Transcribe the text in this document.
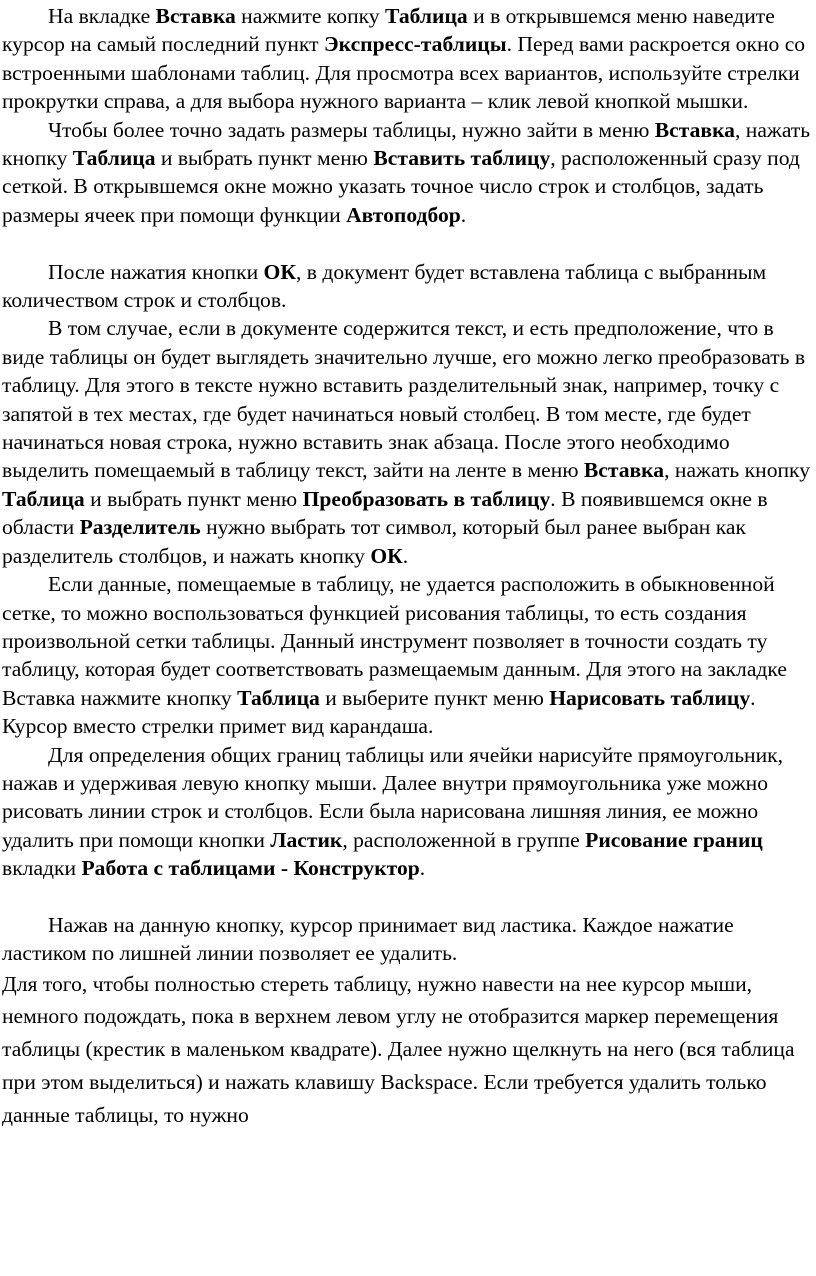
На вкладке Вставка нажмите копку Таблица и в открывшемся меню наведите курсор на самый последний пункт Экспресс-таблицы. Перед вами раскроется окно со встроенными шаблонами таблиц. Для просмотра всех вариантов, используйте стрелки прокрутки справа, а для выбора нужного варианта – клик левой кнопкой мышки.

Чтобы более точно задать размеры таблицы, нужно зайти в меню Вставка, нажать кнопку Таблица и выбрать пункт меню Вставить таблицу, расположенный сразу под сеткой. В открывшемся окне можно указать точное число строк и столбцов, задать размеры ячеек при помощи функции Автоподбор.

После нажатия кнопки ОК, в документ будет вставлена таблица с выбранным количеством строк и столбцов.

В том случае, если в документе содержится текст, и есть предположение, что в виде таблицы он будет выглядеть значительно лучше, его можно легко преобразовать в таблицу. Для этого в тексте нужно вставить разделительный знак, например, точку с запятой в тех местах, где будет начинаться новый столбец. В том месте, где будет начинаться новая строка, нужно вставить знак абзаца. После этого необходимо выделить помещаемый в таблицу текст, зайти на ленте в меню Вставка, нажать кнопку Таблица и выбрать пункт меню Преобразовать в таблицу. В появившемся окне в области Разделитель нужно выбрать тот символ, который был ранее выбран как разделитель столбцов, и нажать кнопку ОК.

Если данные, помещаемые в таблицу, не удается расположить в обыкновенной сетке, то можно воспользоваться функцией рисования таблицы, то есть создания произвольной сетки таблицы. Данный инструмент позволяет в точности создать ту таблицу, которая будет соответствовать размещаемым данным. Для этого на закладке Вставка нажмите кнопку Таблица и выберите пункт меню Нарисовать таблицу. Курсор вместо стрелки примет вид карандаша.

Для определения общих границ таблицы или ячейки нарисуйте прямоугольник, нажав и удерживая левую кнопку мыши. Далее внутри прямоугольника уже можно рисовать линии строк и столбцов. Если была нарисована лишняя линия, ее можно удалить при помощи кнопки Ластик, расположенной в группе Рисование границ вкладки Работа с таблицами - Конструктор.

Нажав на данную кнопку, курсор принимает вид ластика. Каждое нажатие ластиком по лишней линии позволяет ее удалить.

Для того, чтобы полностью стереть таблицу, нужно навести на нее курсор мыши, немного подождать, пока в верхнем левом углу не отобразится маркер перемещения таблицы (крестик в маленьком квадрате). Далее нужно щелкнуть на него (вся таблица при этом выделиться) и нажать клавишу Backspace. Если требуется удалить только данные таблицы, то нужно
